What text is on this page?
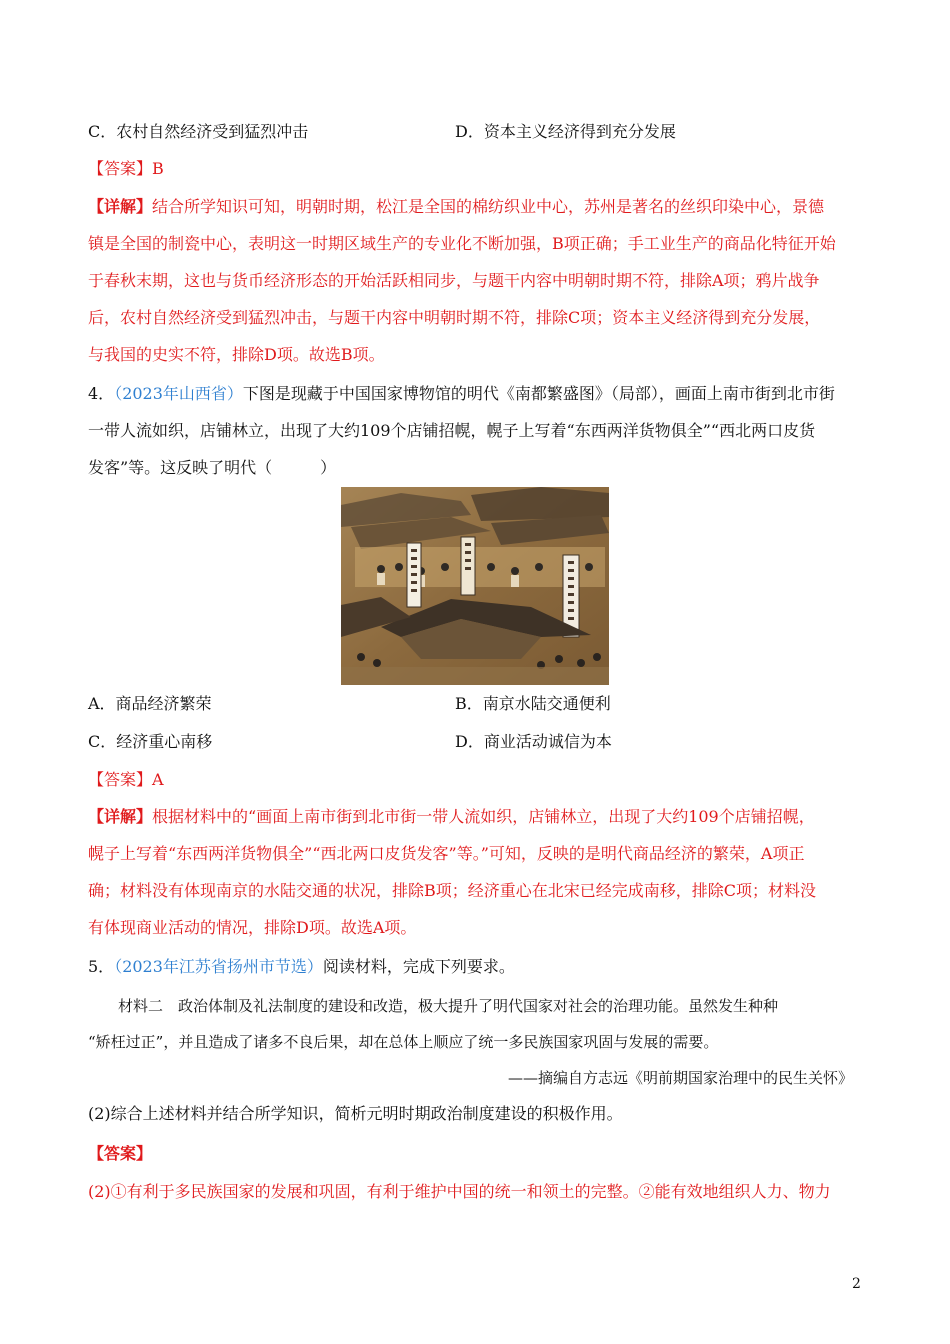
C．农村自然经济受到猛烈冲击	D．资本主义经济得到充分发展
【答案】B
【详解】结合所学知识可知，明朝时期，松江是全国的棉纺织业中心，苏州是著名的丝织印染中心，景德
镇是全国的制瓷中心，表明这一时期区域生产的专业化不断加强，B项正确；手工业生产的商品化特征开始
于春秋末期，这也与货币经济形态的开始活跃相同步，与题干内容中明朝时期不符，排除A项；鸦片战争
后，农村自然经济受到猛烈冲击，与题干内容中明朝时期不符，排除C项；资本主义经济得到充分发展，
与我国的史实不符，排除D项。故选B项。
4．（2023年山西省）下图是现藏于中国国家博物馆的明代《南都繁盛图》（局部），画面上南市街到北市街
一带人流如织，店铺林立，出现了大约109个店铺招幌，幌子上写着“东西两洋货物俱全”“西北两口皮货
发客”等。这反映了明代（　　　）
A．商品经济繁荣	B．南京水陆交通便利
C．经济重心南移	D．商业活动诚信为本
【答案】A
【详解】根据材料中的“画面上南市街到北市街一带人流如织，店铺林立，出现了大约109个店铺招幌，
幌子上写着“东西两洋货物俱全”“西北两口皮货发客”等。”可知，反映的是明代商品经济的繁荣，A项正
确；材料没有体现南京的水陆交通的状况，排除B项；经济重心在北宋已经完成南移，排除C项；材料没
有体现商业活动的情况，排除D项。故选A项。
5．（2023年江苏省扬州市节选）阅读材料，完成下列要求。
材料二　政治体制及礼法制度的建设和改造，极大提升了明代国家对社会的治理功能。虽然发生种种
“矫枉过正”，并且造成了诸多不良后果，却在总体上顺应了统一多民族国家巩固与发展的需要。
——摘编自方志远《明前期国家治理中的民生关怀》
(2)综合上述材料并结合所学知识，简析元明时期政治制度建设的积极作用。
【答案】
(2)①有利于多民族国家的发展和巩固，有利于维护中国的统一和领土的完整。②能有效地组织人力、物力
2
